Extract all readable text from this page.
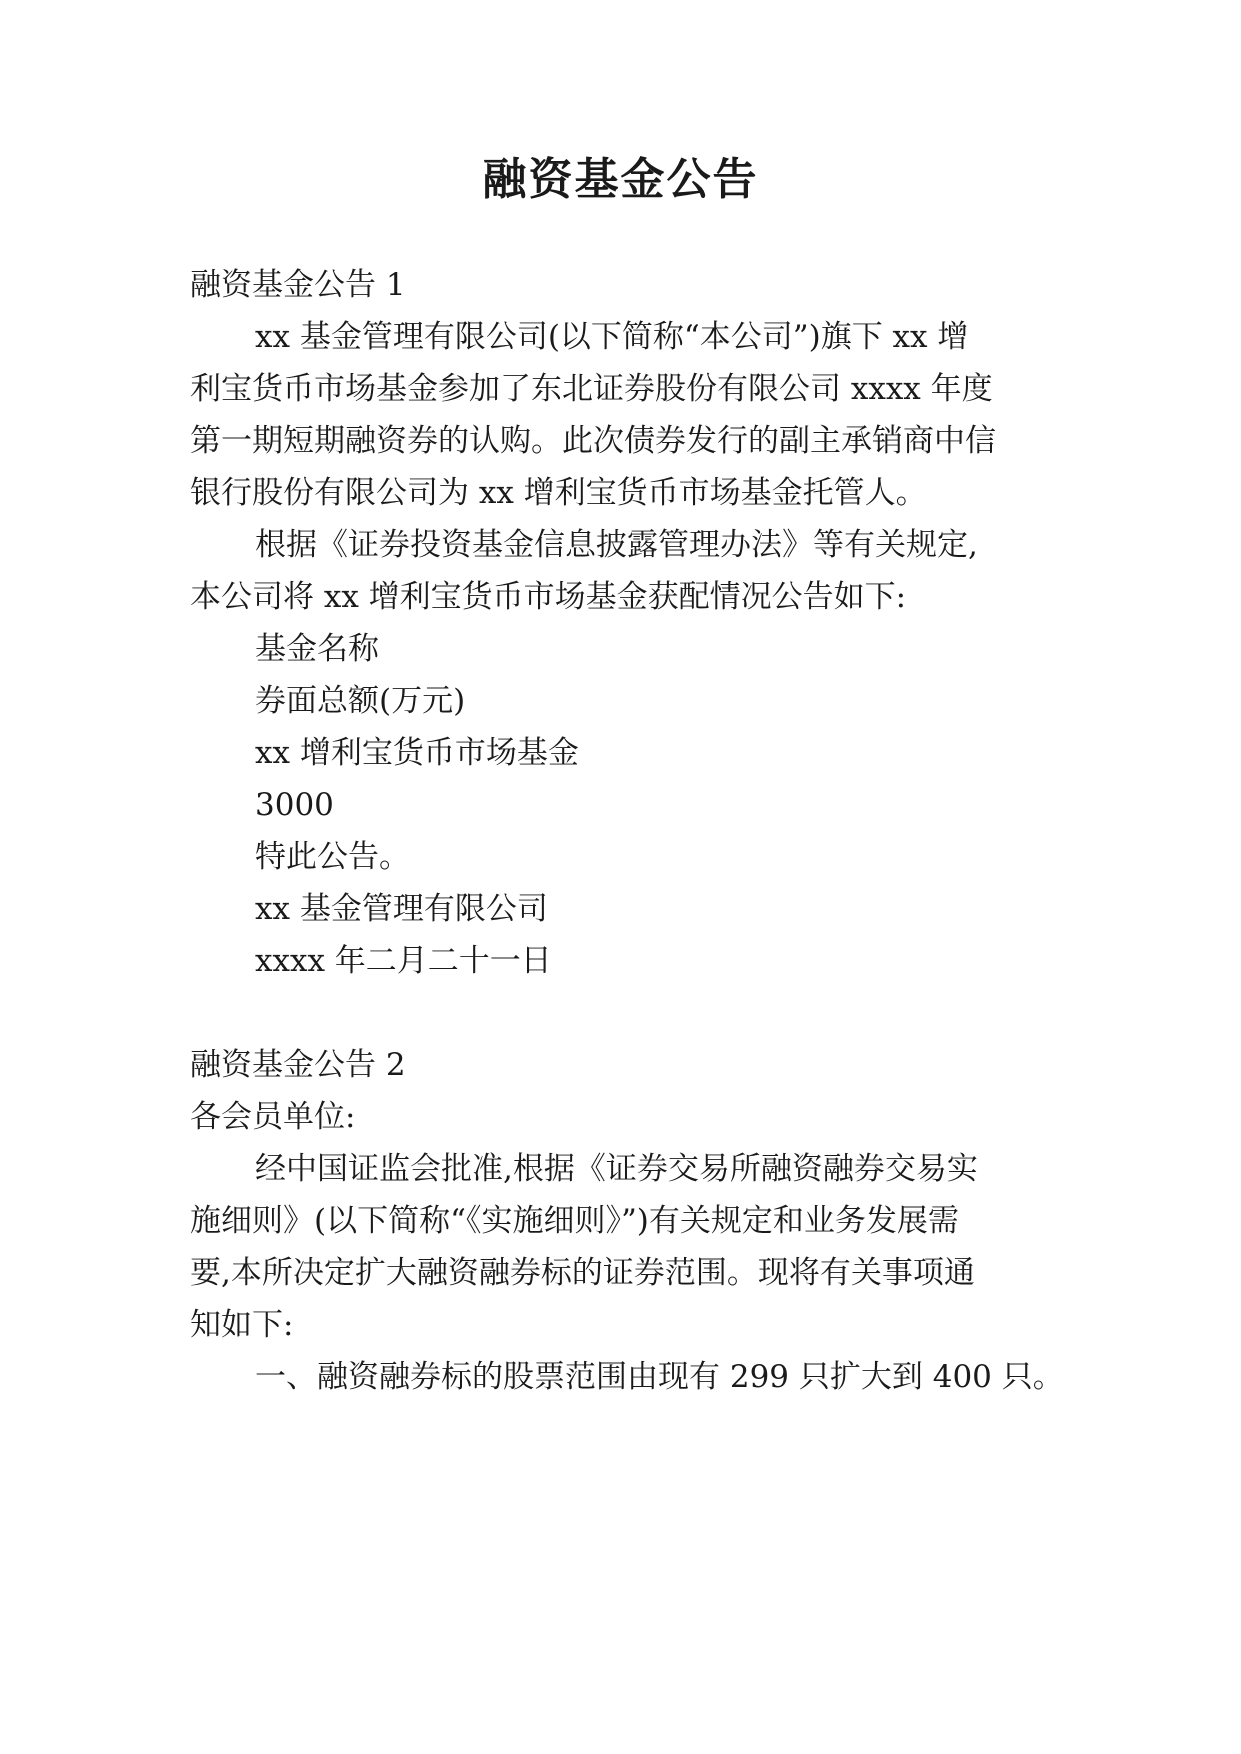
融资基金公告

融资基金公告 1

xx 基金管理有限公司(以下简称“本公司”)旗下 xx 增

利宝货币市场基金参加了东北证券股份有限公司 xxxx 年度

第一期短期融资券的认购。此次债券发行的副主承销商中信

银行股份有限公司为 xx 增利宝货币市场基金托管人。

根据《证券投资基金信息披露管理办法》等有关规定,

本公司将 xx 增利宝货币市场基金获配情况公告如下:

基金名称

券面总额(万元)

xx 增利宝货币市场基金

3000

特此公告。

xx 基金管理有限公司

xxxx 年二月二十一日

融资基金公告 2

各会员单位:

经中国证监会批准,根据《证券交易所融资融券交易实

施细则》(以下简称“《实施细则》”)有关规定和业务发展需

要,本所决定扩大融资融券标的证券范围。现将有关事项通

知如下:

一、融资融券标的股票范围由现有 299 只扩大到 400 只。
